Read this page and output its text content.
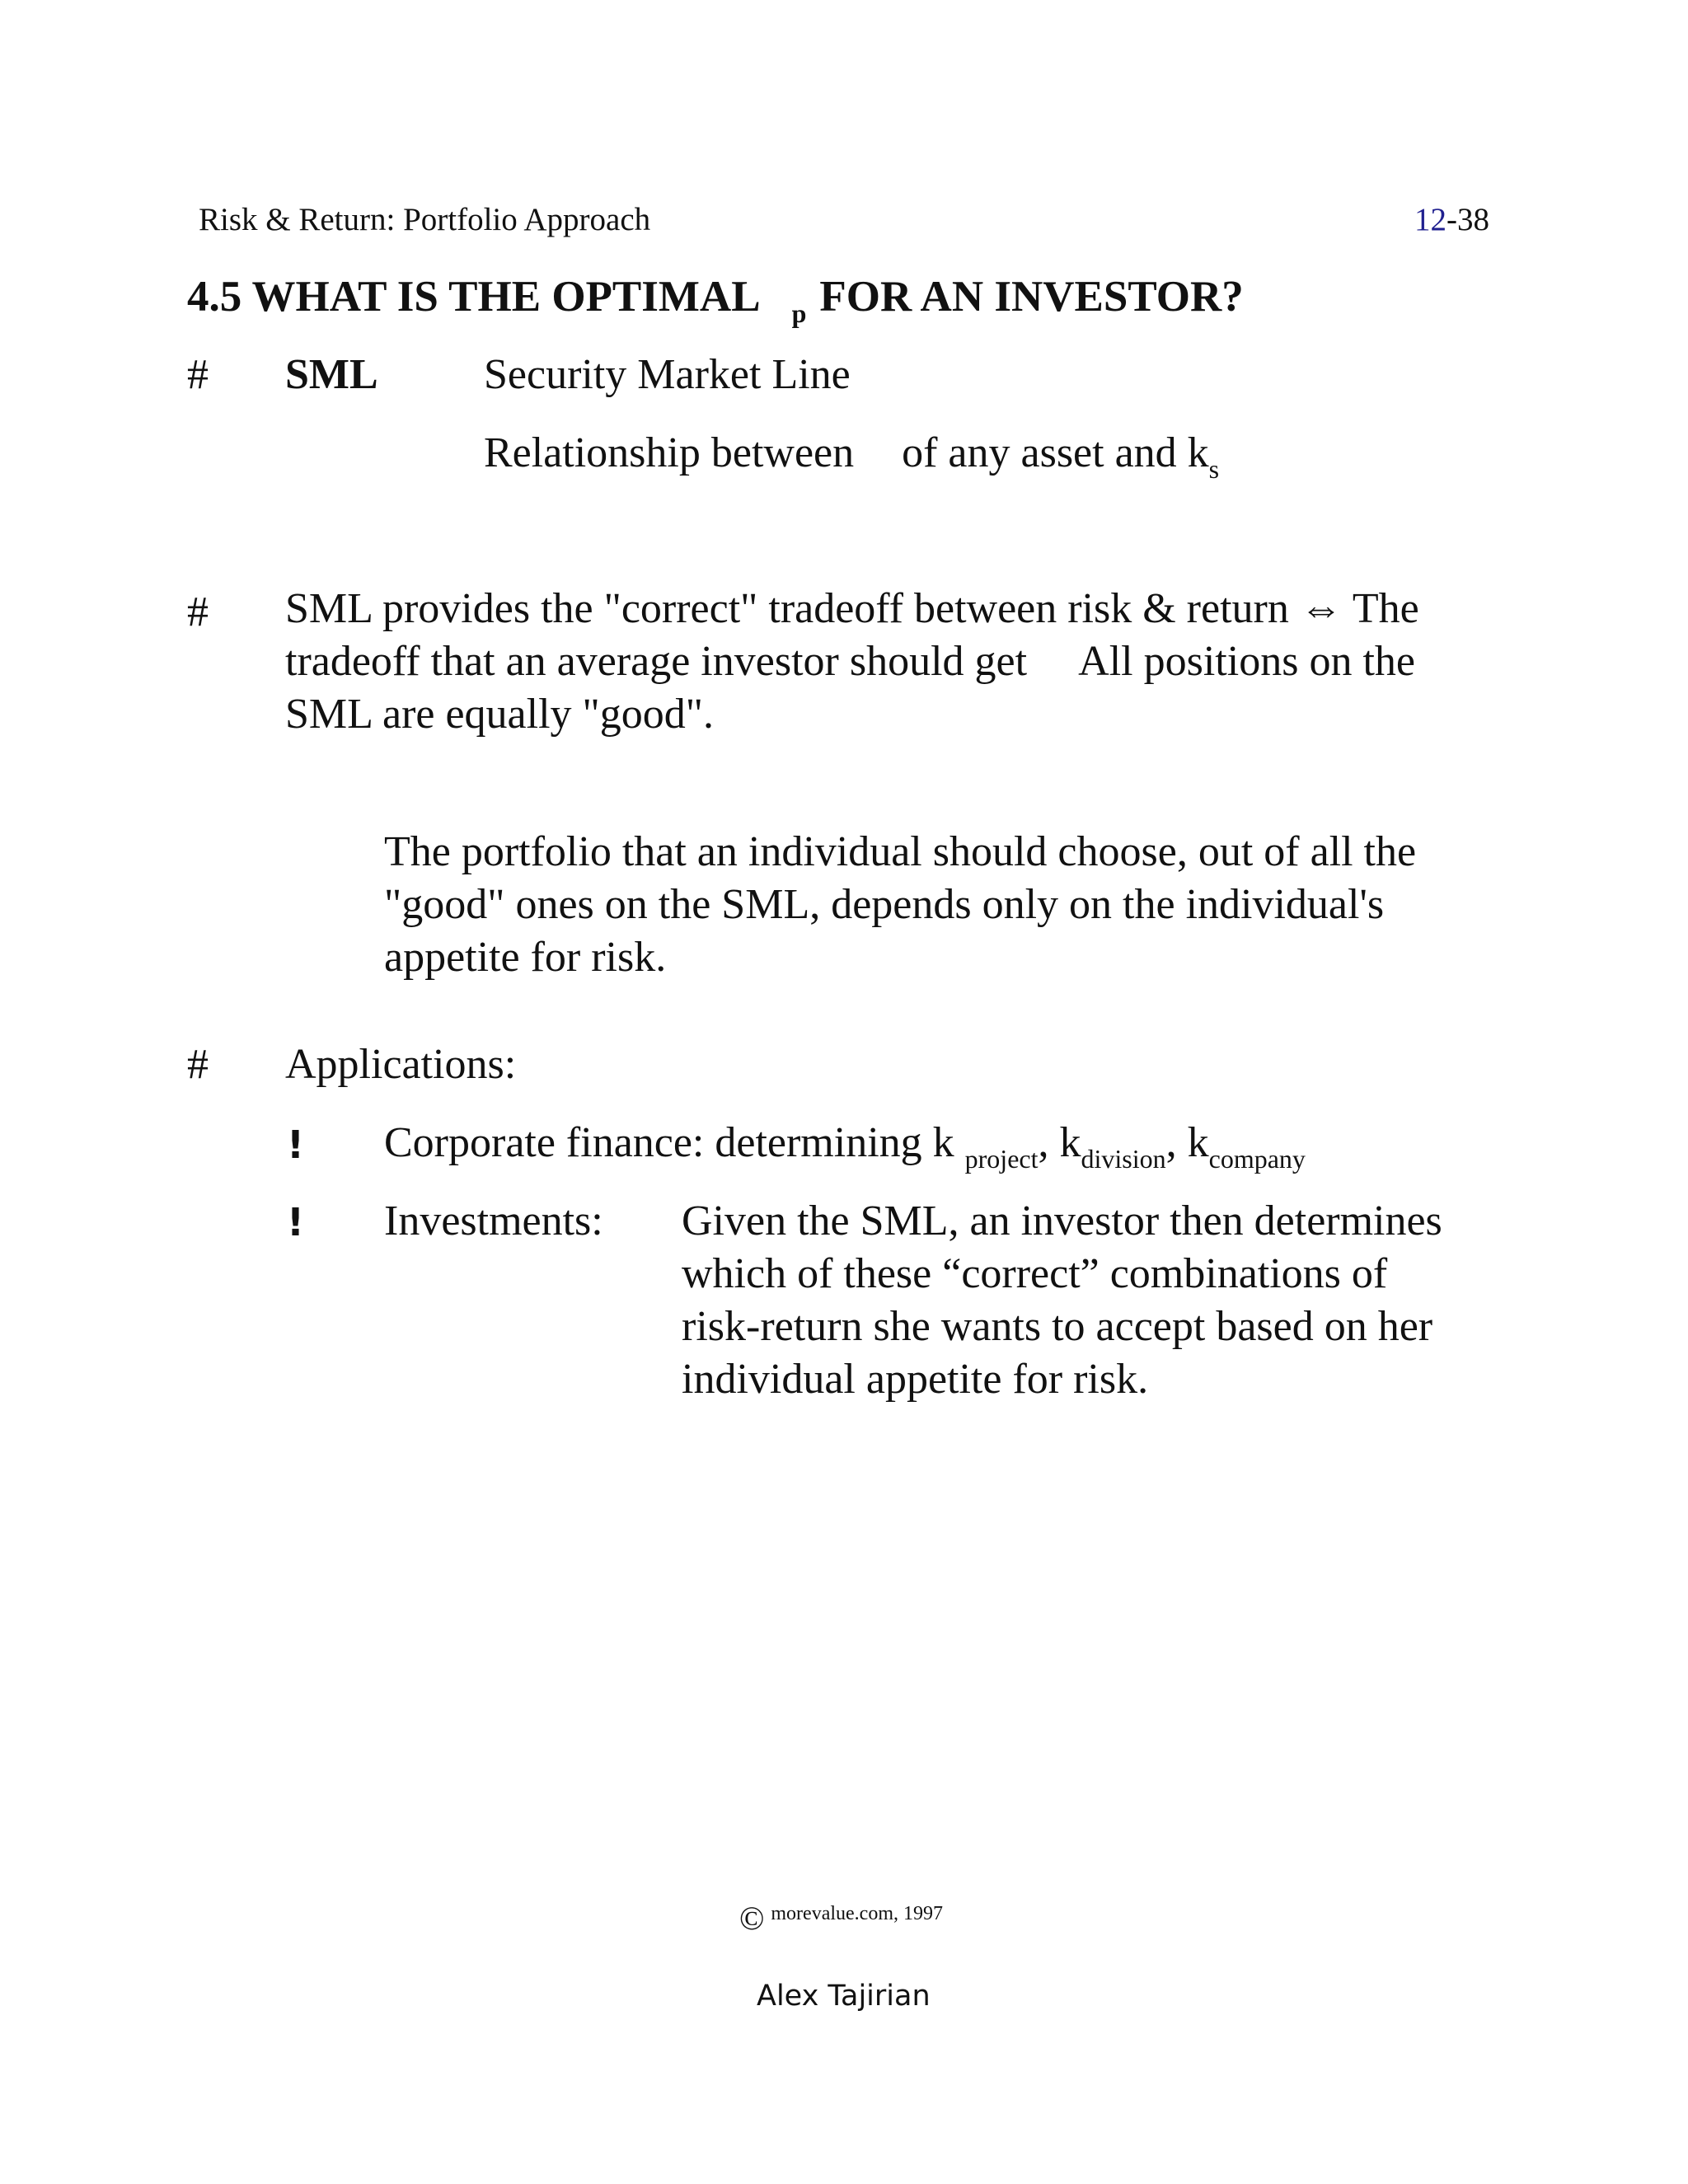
Risk & Return: Portfolio Approach	12-38
4.5 WHAT IS THE OPTIMAL $_p$ FOR AN INVESTOR?
# SML Security Market Line
Relationship between of any asset and $k_s$
# SML provides the "correct" tradeoff between risk & return ⇔ The
tradeoff that an average investor should get     All positions on the
SML are equally "good".
The portfolio that an individual should choose, out of all the
"good" ones on the SML, depends only on the individual's
appetite for risk.
# Applications:
! Corporate finance: determining k $_{project}$, $k_{division}$, $k_{company}$
! Investments: Given the SML, an investor then determines
which of these “correct” combinations of
risk-return she wants to accept based on her
individual appetite for risk.
© morevalue.com, 1997
Alex Tajirian
